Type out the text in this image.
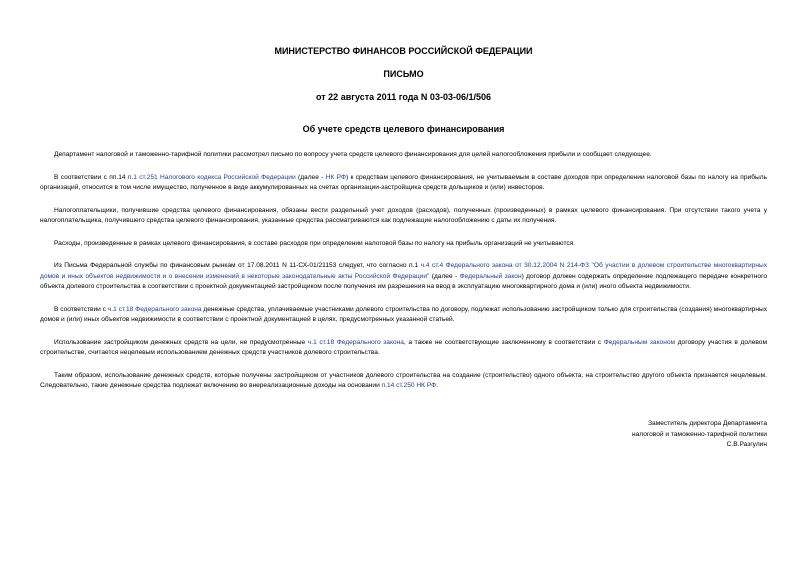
МИНИСТЕРСТВО ФИНАНСОВ РОССИЙСКОЙ ФЕДЕРАЦИИ
ПИСЬМО
от 22 августа 2011 года N 03-03-06/1/506
Об учете средств целевого финансирования

Департамент налоговой и таможенно-тарифной политики рассмотрел письмо по вопросу учета средств целевого финансирования для целей налогообложения прибыли и сообщает следующее.

В соответствии с пп.14 п.1 ст.251 Налогового кодекса Российской Федерации (далее - НК РФ) к средствам целевого финансирования, не учитываемым в составе доходов при определении налоговой базы по налогу на прибыль организаций, относится в том числе имущество, полученное в виде аккумулированных на счетах организации-застройщика средств дольщиков и (или) инвесторов.

Налогоплательщики, получившие средства целевого финансирования, обязаны вести раздельный учет доходов (расходов), полученных (произведенных) в рамках целевого финансирования. При отсутствии такого учета у налогоплательщика, получившего средства целевого финансирования, указанные средства рассматриваются как подлежащие налогообложению с даты их получения.

Расходы, произведенные в рамках целевого финансирования, в составе расходов при определении налоговой базы по налогу на прибыль организаций не учитываются.

Из Письма Федеральной службы по финансовым рынкам от 17.08.2011 N 11-СХ-01/21153 следует, что согласно п.1 ч.4 ст.4 Федерального закона от 30.12.2004 N 214-ФЗ "Об участии в долевом строительстве многоквартирных домов и иных объектов недвижимости и о внесении изменений в некоторые законодательные акты Российской Федерации" (далее - Федеральный закон) договор должен содержать определение подлежащего передаче конкретного объекта долевого строительства в соответствии с проектной документацией застройщиком после получения им разрешения на ввод в эксплуатацию многоквартирного дома и (или) иного объекта недвижимости.

В соответствии с ч.1 ст.18 Федерального закона денежные средства, уплачиваемые участниками долевого строительства по договору, подлежат использованию застройщиком только для строительства (создания) многоквартирных домов и (или) иных объектов недвижимости в соответствии с проектной документацией в целях, предусмотренных указанной статьей.

Использование застройщиком денежных средств на цели, не предусмотренные ч.1 ст.18 Федерального закона, а также не соответствующие заключенному в соответствии с Федеральным законом договору участия в долевом строительстве, считается нецелевым использованием денежных средств участников долевого строительства.

Таким образом, использование денежных средств, которые получены застройщиком от участников долевого строительства на создание (строительство) одного объекта, на строительство другого объекта признается нецелевым. Следовательно, такие денежные средства подлежат включению во внереализационные доходы на основании п.14 ст.250 НК РФ.

Заместитель директора Департамента
налоговой и таможенно-тарифной политики
С.В.Разгулин
